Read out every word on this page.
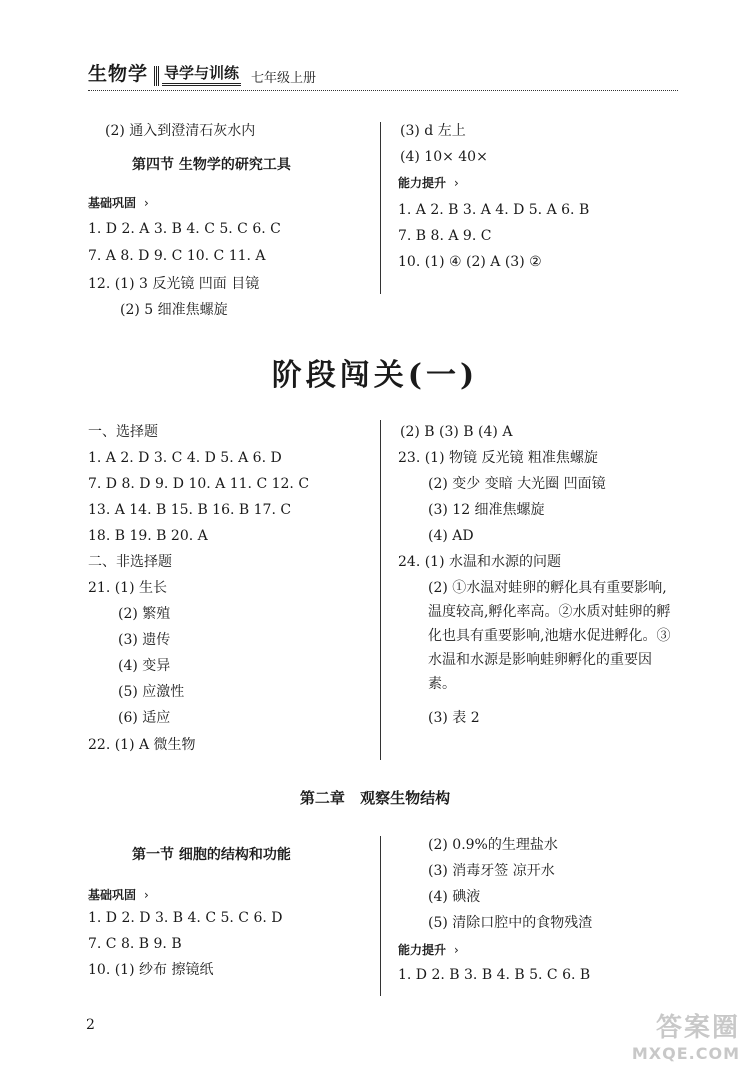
生物学 导学与训练 七年级上册
(2) 通入到澄清石灰水内
第四节 生物学的研究工具
基础巩固 ›
1. D 2. A 3. B 4. C 5. C 6. C
7. A 8. D 9. C 10. C 11. A
12. (1) 3 反光镜 凹面 目镜
(2) 5 细准焦螺旋
(3) d 左上
(4) 10× 40×
能力提升 ›
1. A 2. B 3. A 4. D 5. A 6. B
7. B 8. A 9. C
10. (1) ④ (2) A (3) ②
阶段闯关(一)
一、选择题
1. A 2. D 3. C 4. D 5. A 6. D
7. D 8. D 9. D 10. A 11. C 12. C
13. A 14. B 15. B 16. B 17. C
18. B 19. B 20. A
二、非选择题
21. (1) 生长
(2) 繁殖
(3) 遗传
(4) 变异
(5) 应激性
(6) 适应
22. (1) A 微生物
(2) B (3) B (4) A
23. (1) 物镜 反光镜 粗准焦螺旋
(2) 变少 变暗 大光圈 凹面镜
(3) 12 细准焦螺旋
(4) AD
24. (1) 水温和水源的问题
(2) ①水温对蛙卵的孵化具有重要影响,温度较高,孵化率高。②水质对蛙卵的孵化也具有重要影响,池塘水促进孵化。③水温和水源是影响蛙卵孵化的重要因素。
(3) 表 2
第二章 观察生物结构
第一节 细胞的结构和功能
基础巩固 ›
1. D 2. D 3. B 4. C 5. C 6. D
7. C 8. B 9. B
10. (1) 纱布 擦镜纸
(2) 0.9%的生理盐水
(3) 消毒牙签 凉开水
(4) 碘液
(5) 清除口腔中的食物残渣
能力提升 ›
1. D 2. B 3. B 4. B 5. C 6. B
2	答案圈
MXQE.COM
